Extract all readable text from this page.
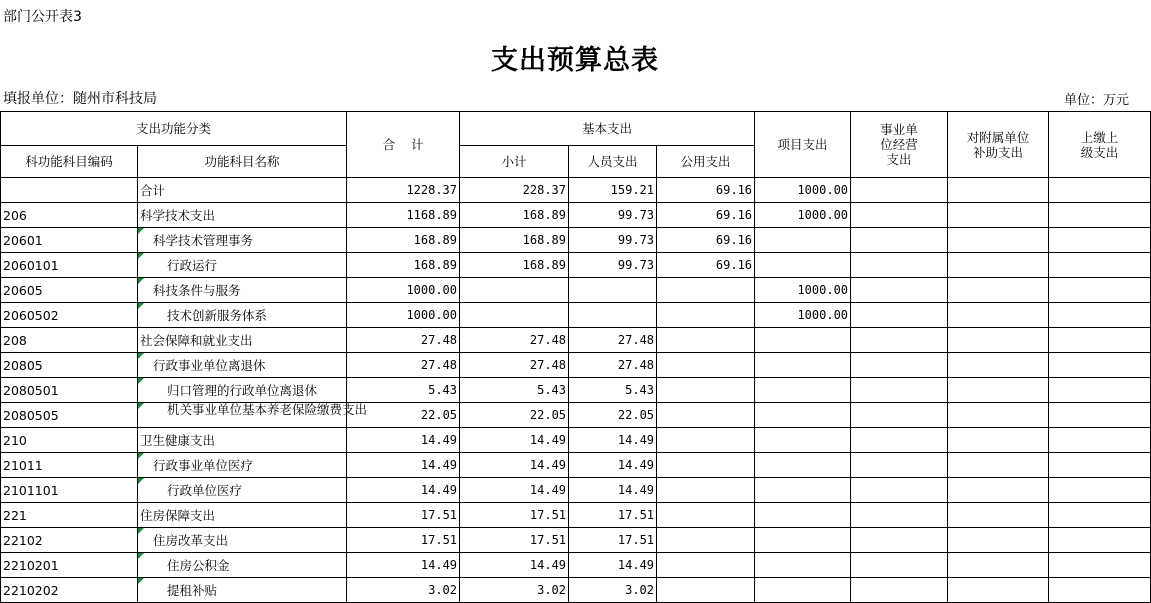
部门公开表3
支出预算总表
填报单位：随州市科技局	单位：万元
支出功能分类		合    计	基本支出			项目支出	事业单位经营支出	对附属单位补助支出	上缴上级支出
科功能科目编码	功能科目名称		小计	人员支出	公用支出				
	合计	1228.37	228.37	159.21	69.16	1000.00			
206	科学技术支出	1168.89	168.89	99.73	69.16	1000.00			
20601	科学技术管理事务	168.89	168.89	99.73	69.16				
2060101	行政运行	168.89	168.89	99.73	69.16				
20605	科技条件与服务	1000.00				1000.00			
2060502	技术创新服务体系	1000.00				1000.00			
208	社会保障和就业支出	27.48	27.48	27.48					
20805	行政事业单位离退休	27.48	27.48	27.48					
2080501	归口管理的行政单位离退休	5.43	5.43	5.43					
2080505	机关事业单位基本养老保险缴费支出	22.05	22.05	22.05					
210	卫生健康支出	14.49	14.49	14.49					
21011	行政事业单位医疗	14.49	14.49	14.49					
2101101	行政单位医疗	14.49	14.49	14.49					
221	住房保障支出	17.51	17.51	17.51					
22102	住房改革支出	17.51	17.51	17.51					
2210201	住房公积金	14.49	14.49	14.49					
2210202	提租补贴	3.02	3.02	3.02					
